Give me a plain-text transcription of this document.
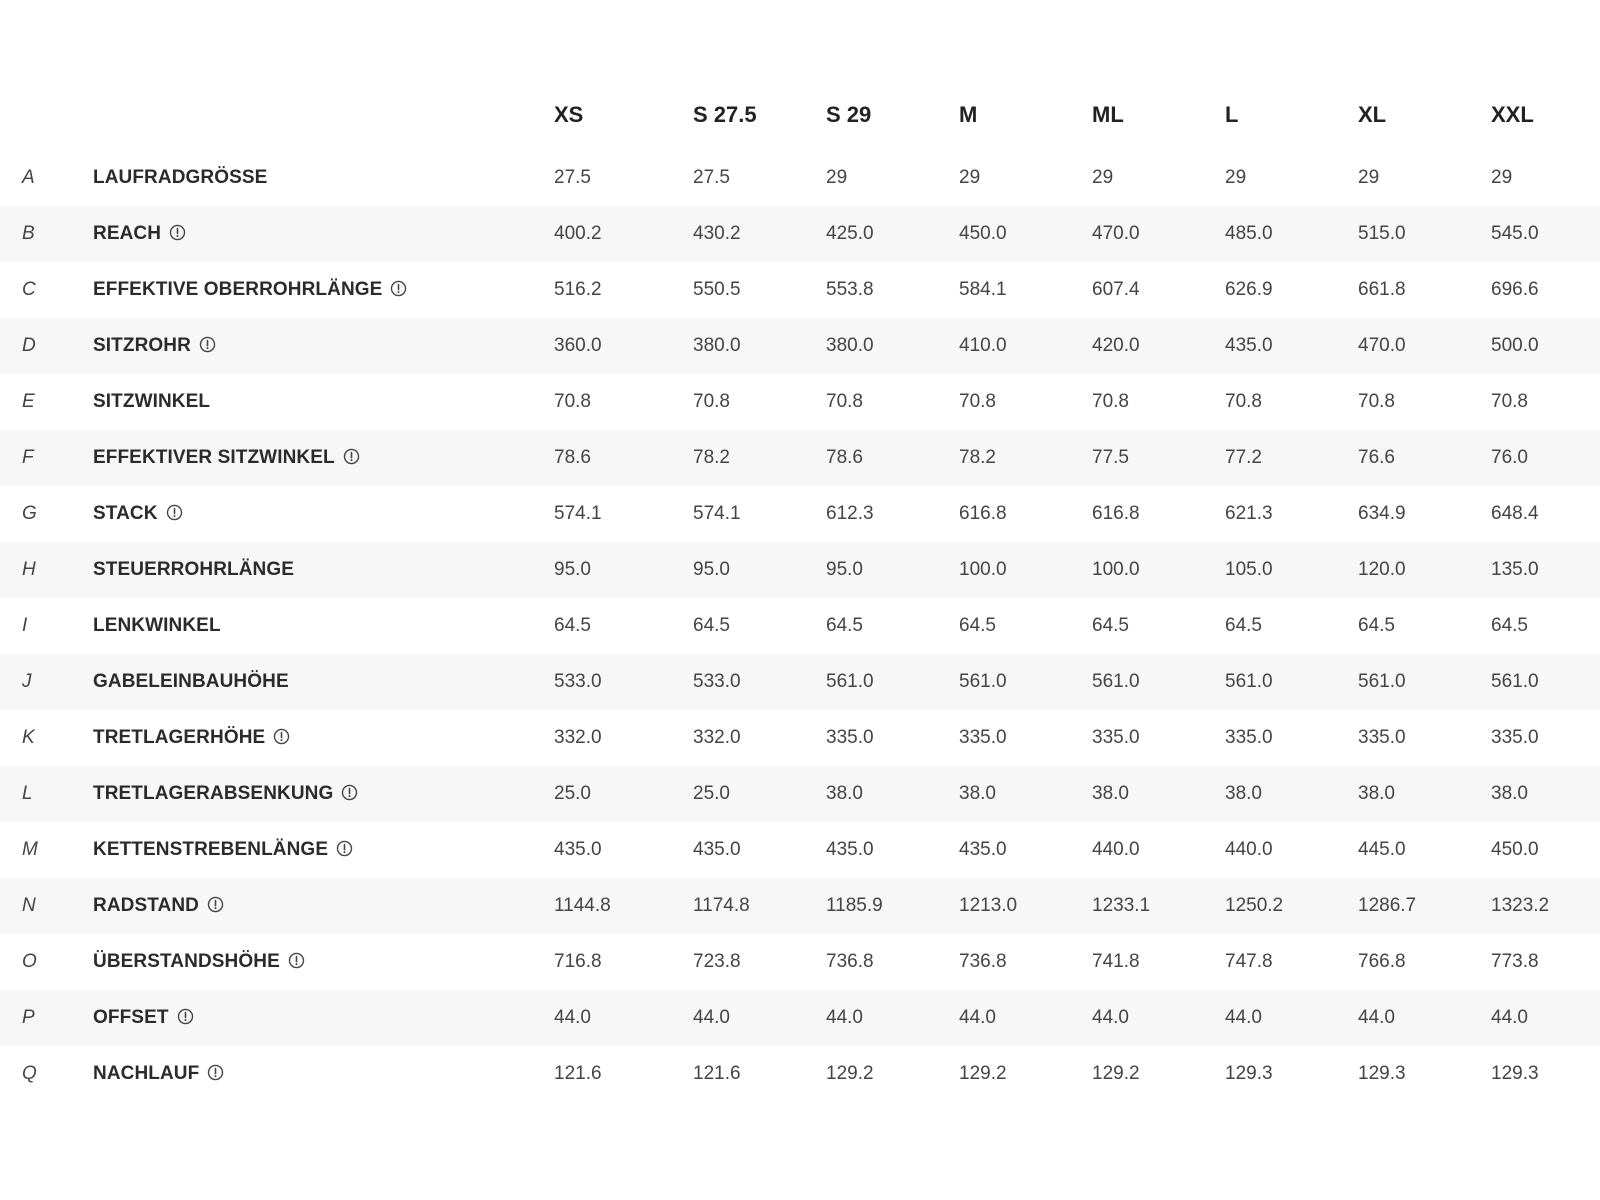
		XS	S 27.5	S 29	M	ML	L	XL	XXL
A	LAUFRADGRÖSSE	27.5	27.5	29	29	29	29	29	29
B	REACH	400.2	430.2	425.0	450.0	470.0	485.0	515.0	545.0
C	EFFEKTIVE OBERROHRLÄNGE	516.2	550.5	553.8	584.1	607.4	626.9	661.8	696.6
D	SITZROHR	360.0	380.0	380.0	410.0	420.0	435.0	470.0	500.0
E	SITZWINKEL	70.8	70.8	70.8	70.8	70.8	70.8	70.8	70.8
F	EFFEKTIVER SITZWINKEL	78.6	78.2	78.6	78.2	77.5	77.2	76.6	76.0
G	STACK	574.1	574.1	612.3	616.8	616.8	621.3	634.9	648.4
H	STEUERROHRLÄNGE	95.0	95.0	95.0	100.0	100.0	105.0	120.0	135.0
I	LENKWINKEL	64.5	64.5	64.5	64.5	64.5	64.5	64.5	64.5
J	GABELEINBAUHÖHE	533.0	533.0	561.0	561.0	561.0	561.0	561.0	561.0
K	TRETLAGERHÖHE	332.0	332.0	335.0	335.0	335.0	335.0	335.0	335.0
L	TRETLAGERABSENKUNG	25.0	25.0	38.0	38.0	38.0	38.0	38.0	38.0
M	KETTENSTREBENLÄNGE	435.0	435.0	435.0	435.0	440.0	440.0	445.0	450.0
N	RADSTAND	1144.8	1174.8	1185.9	1213.0	1233.1	1250.2	1286.7	1323.2
O	ÜBERSTANDSHÖHE	716.8	723.8	736.8	736.8	741.8	747.8	766.8	773.8
P	OFFSET	44.0	44.0	44.0	44.0	44.0	44.0	44.0	44.0
Q	NACHLAUF	121.6	121.6	129.2	129.2	129.2	129.3	129.3	129.3
